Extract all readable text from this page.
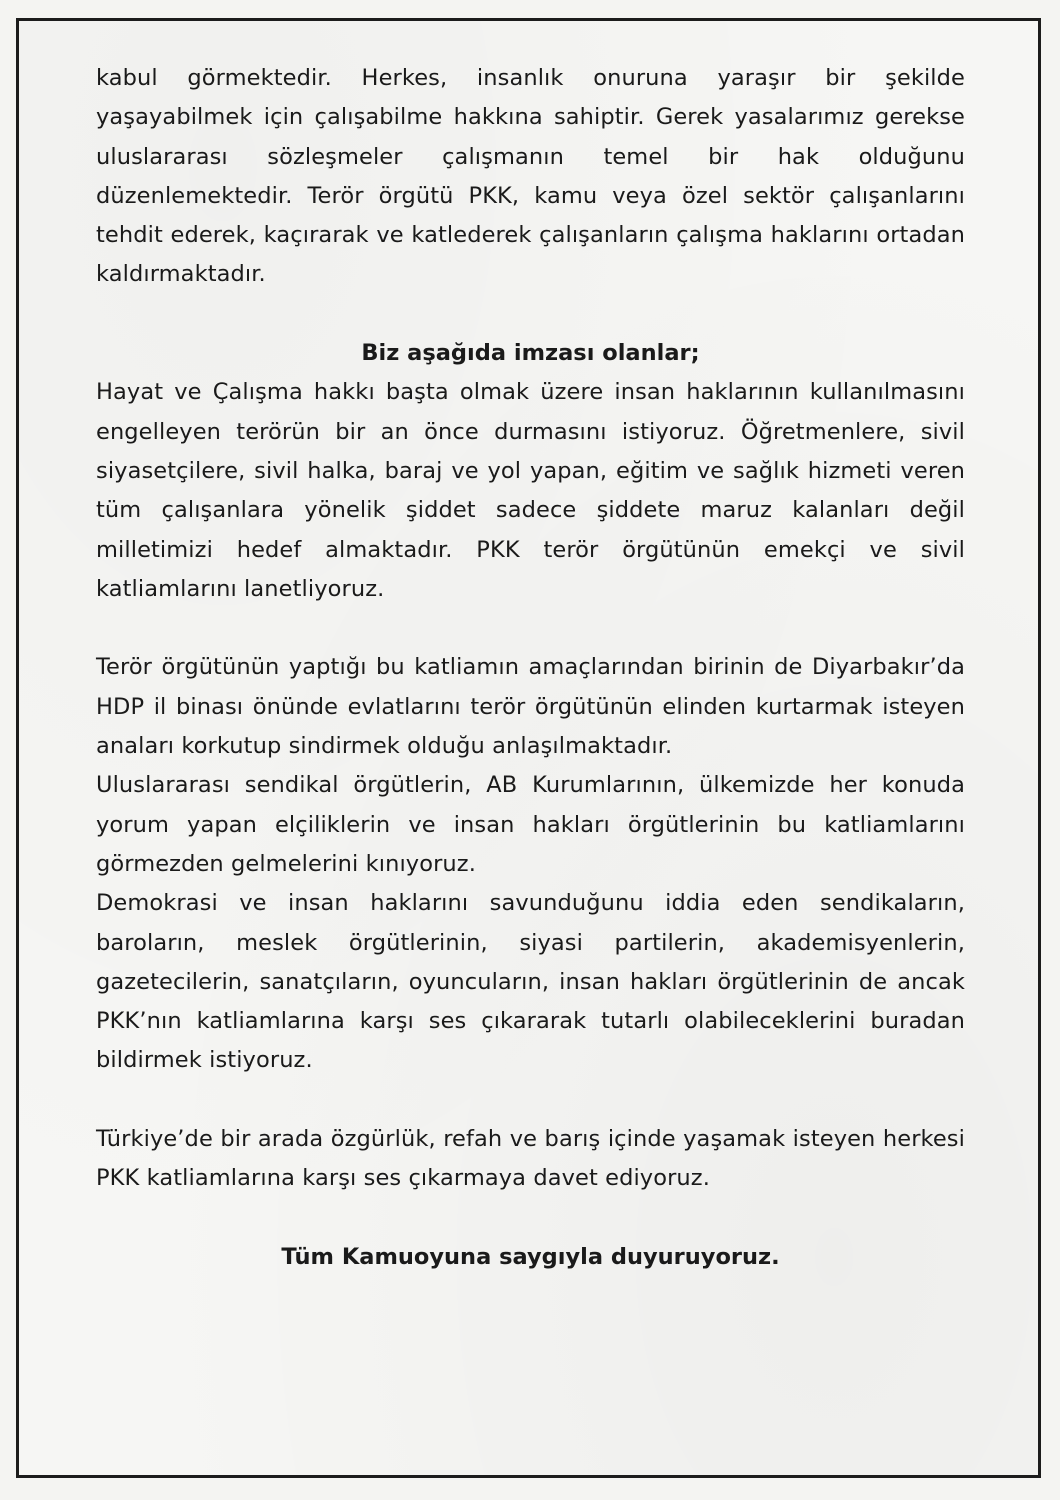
kabul görmektedir. Herkes, insanlık onuruna yaraşır bir şekilde yaşayabilmek için çalışabilme hakkına sahiptir. Gerek yasalarımız gerekse uluslararası sözleşmeler çalışmanın temel bir hak olduğunu düzenlemektedir. Terör örgütü PKK, kamu veya özel sektör çalışanlarını tehdit ederek, kaçırarak ve katlederek çalışanların çalışma haklarını ortadan kaldırmaktadır.

Biz aşağıda imzası olanlar;

Hayat ve Çalışma hakkı başta olmak üzere insan haklarının kullanılmasını engelleyen terörün bir an önce durmasını istiyoruz. Öğretmenlere, sivil siyasetçilere, sivil halka, baraj ve yol yapan, eğitim ve sağlık hizmeti veren tüm çalışanlara yönelik şiddet sadece şiddete maruz kalanları değil milletimizi hedef almaktadır. PKK terör örgütünün emekçi ve sivil katliamlarını lanetliyoruz.

Terör örgütünün yaptığı bu katliamın amaçlarından birinin de Diyarbakır’da HDP il binası önünde evlatlarını terör örgütünün elinden kurtarmak isteyen anaları korkutup sindirmek olduğu anlaşılmaktadır.

Uluslararası sendikal örgütlerin, AB Kurumlarının, ülkemizde her konuda yorum yapan elçiliklerin ve insan hakları örgütlerinin bu katliamlarını görmezden gelmelerini kınıyoruz.

Demokrasi ve insan haklarını savunduğunu iddia eden sendikaların, baroların, meslek örgütlerinin, siyasi partilerin, akademisyenlerin, gazetecilerin, sanatçıların, oyuncuların, insan hakları örgütlerinin de ancak PKK’nın katliamlarına karşı ses çıkararak tutarlı olabileceklerini buradan bildirmek istiyoruz.

Türkiye’de bir arada özgürlük, refah ve barış içinde yaşamak isteyen herkesi PKK katliamlarına karşı ses çıkarmaya davet ediyoruz.

Tüm Kamuoyuna saygıyla duyuruyoruz.
